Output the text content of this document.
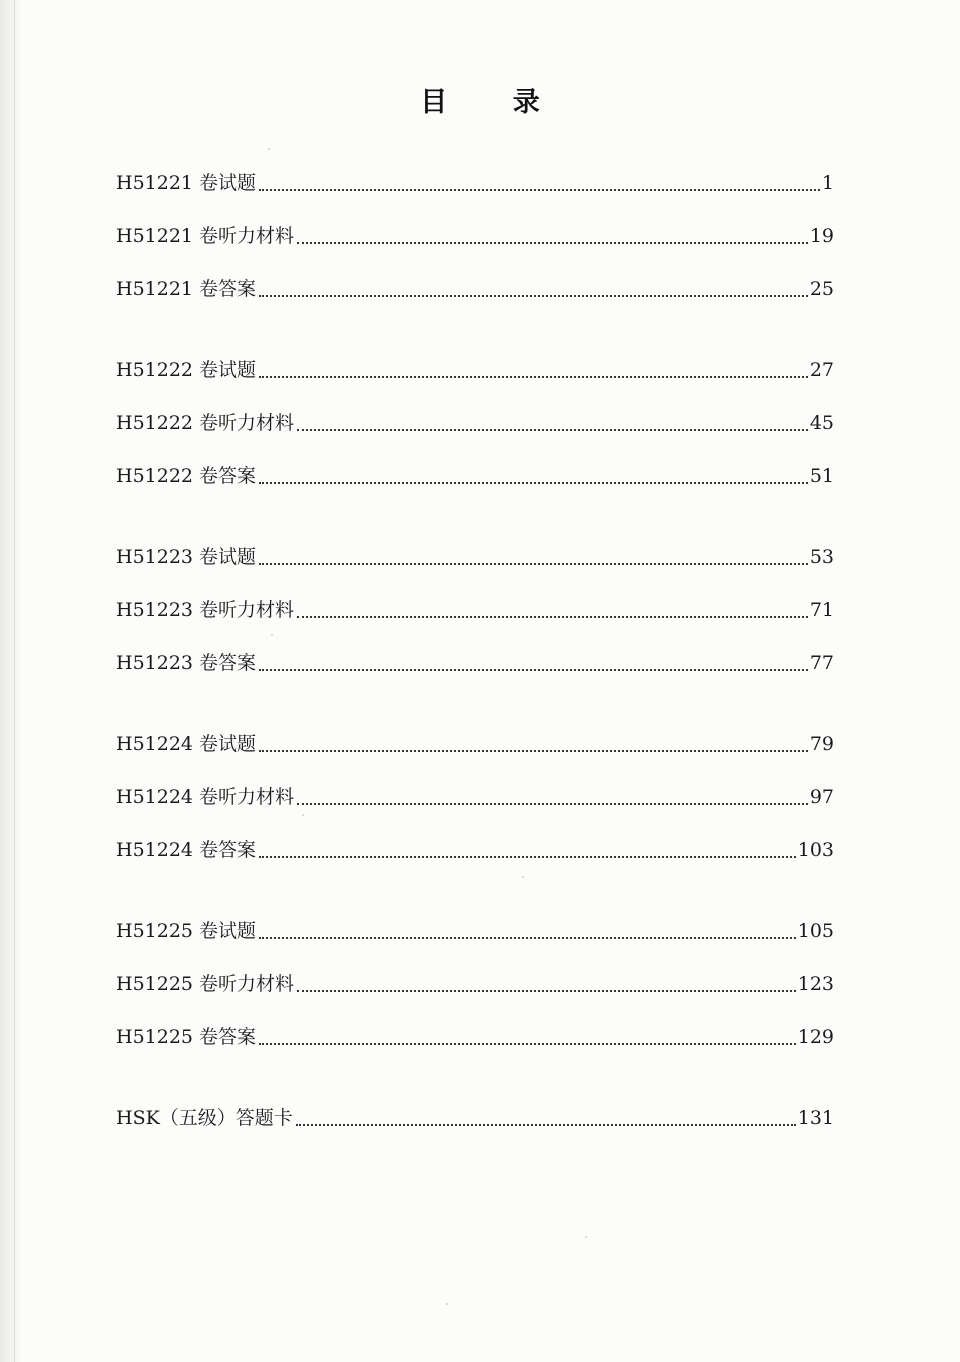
目 录
H51221 卷试题	1
H51221 卷听力材料	19
H51221 卷答案	25
H51222 卷试题	27
H51222 卷听力材料	45
H51222 卷答案	51
H51223 卷试题	53
H51223 卷听力材料	71
H51223 卷答案	77
H51224 卷试题	79
H51224 卷听力材料	97
H51224 卷答案	103
H51225 卷试题	105
H51225 卷听力材料	123
H51225 卷答案	129
HSK（五级）答题卡	131
